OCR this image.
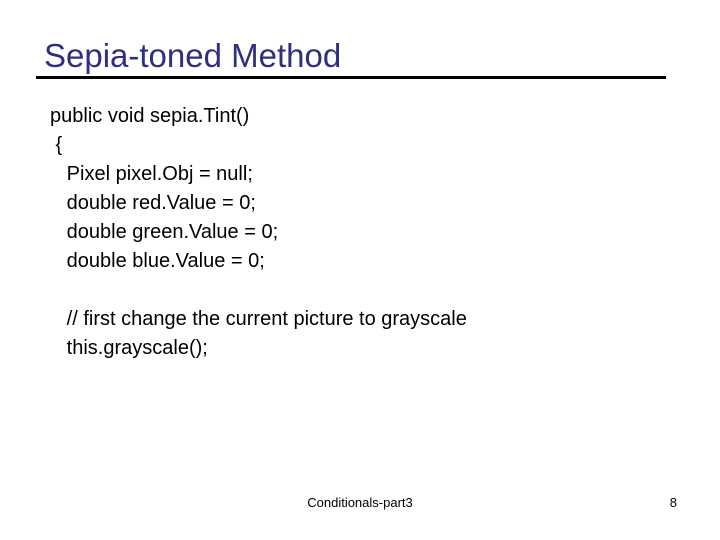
Sepia-toned Method
public void sepia.Tint()
{
Pixel pixel.Obj = null;
double red.Value = 0;
double green.Value = 0;
double blue.Value = 0;
// first change the current picture to grayscale
this.grayscale();
Conditionals-part3	8
